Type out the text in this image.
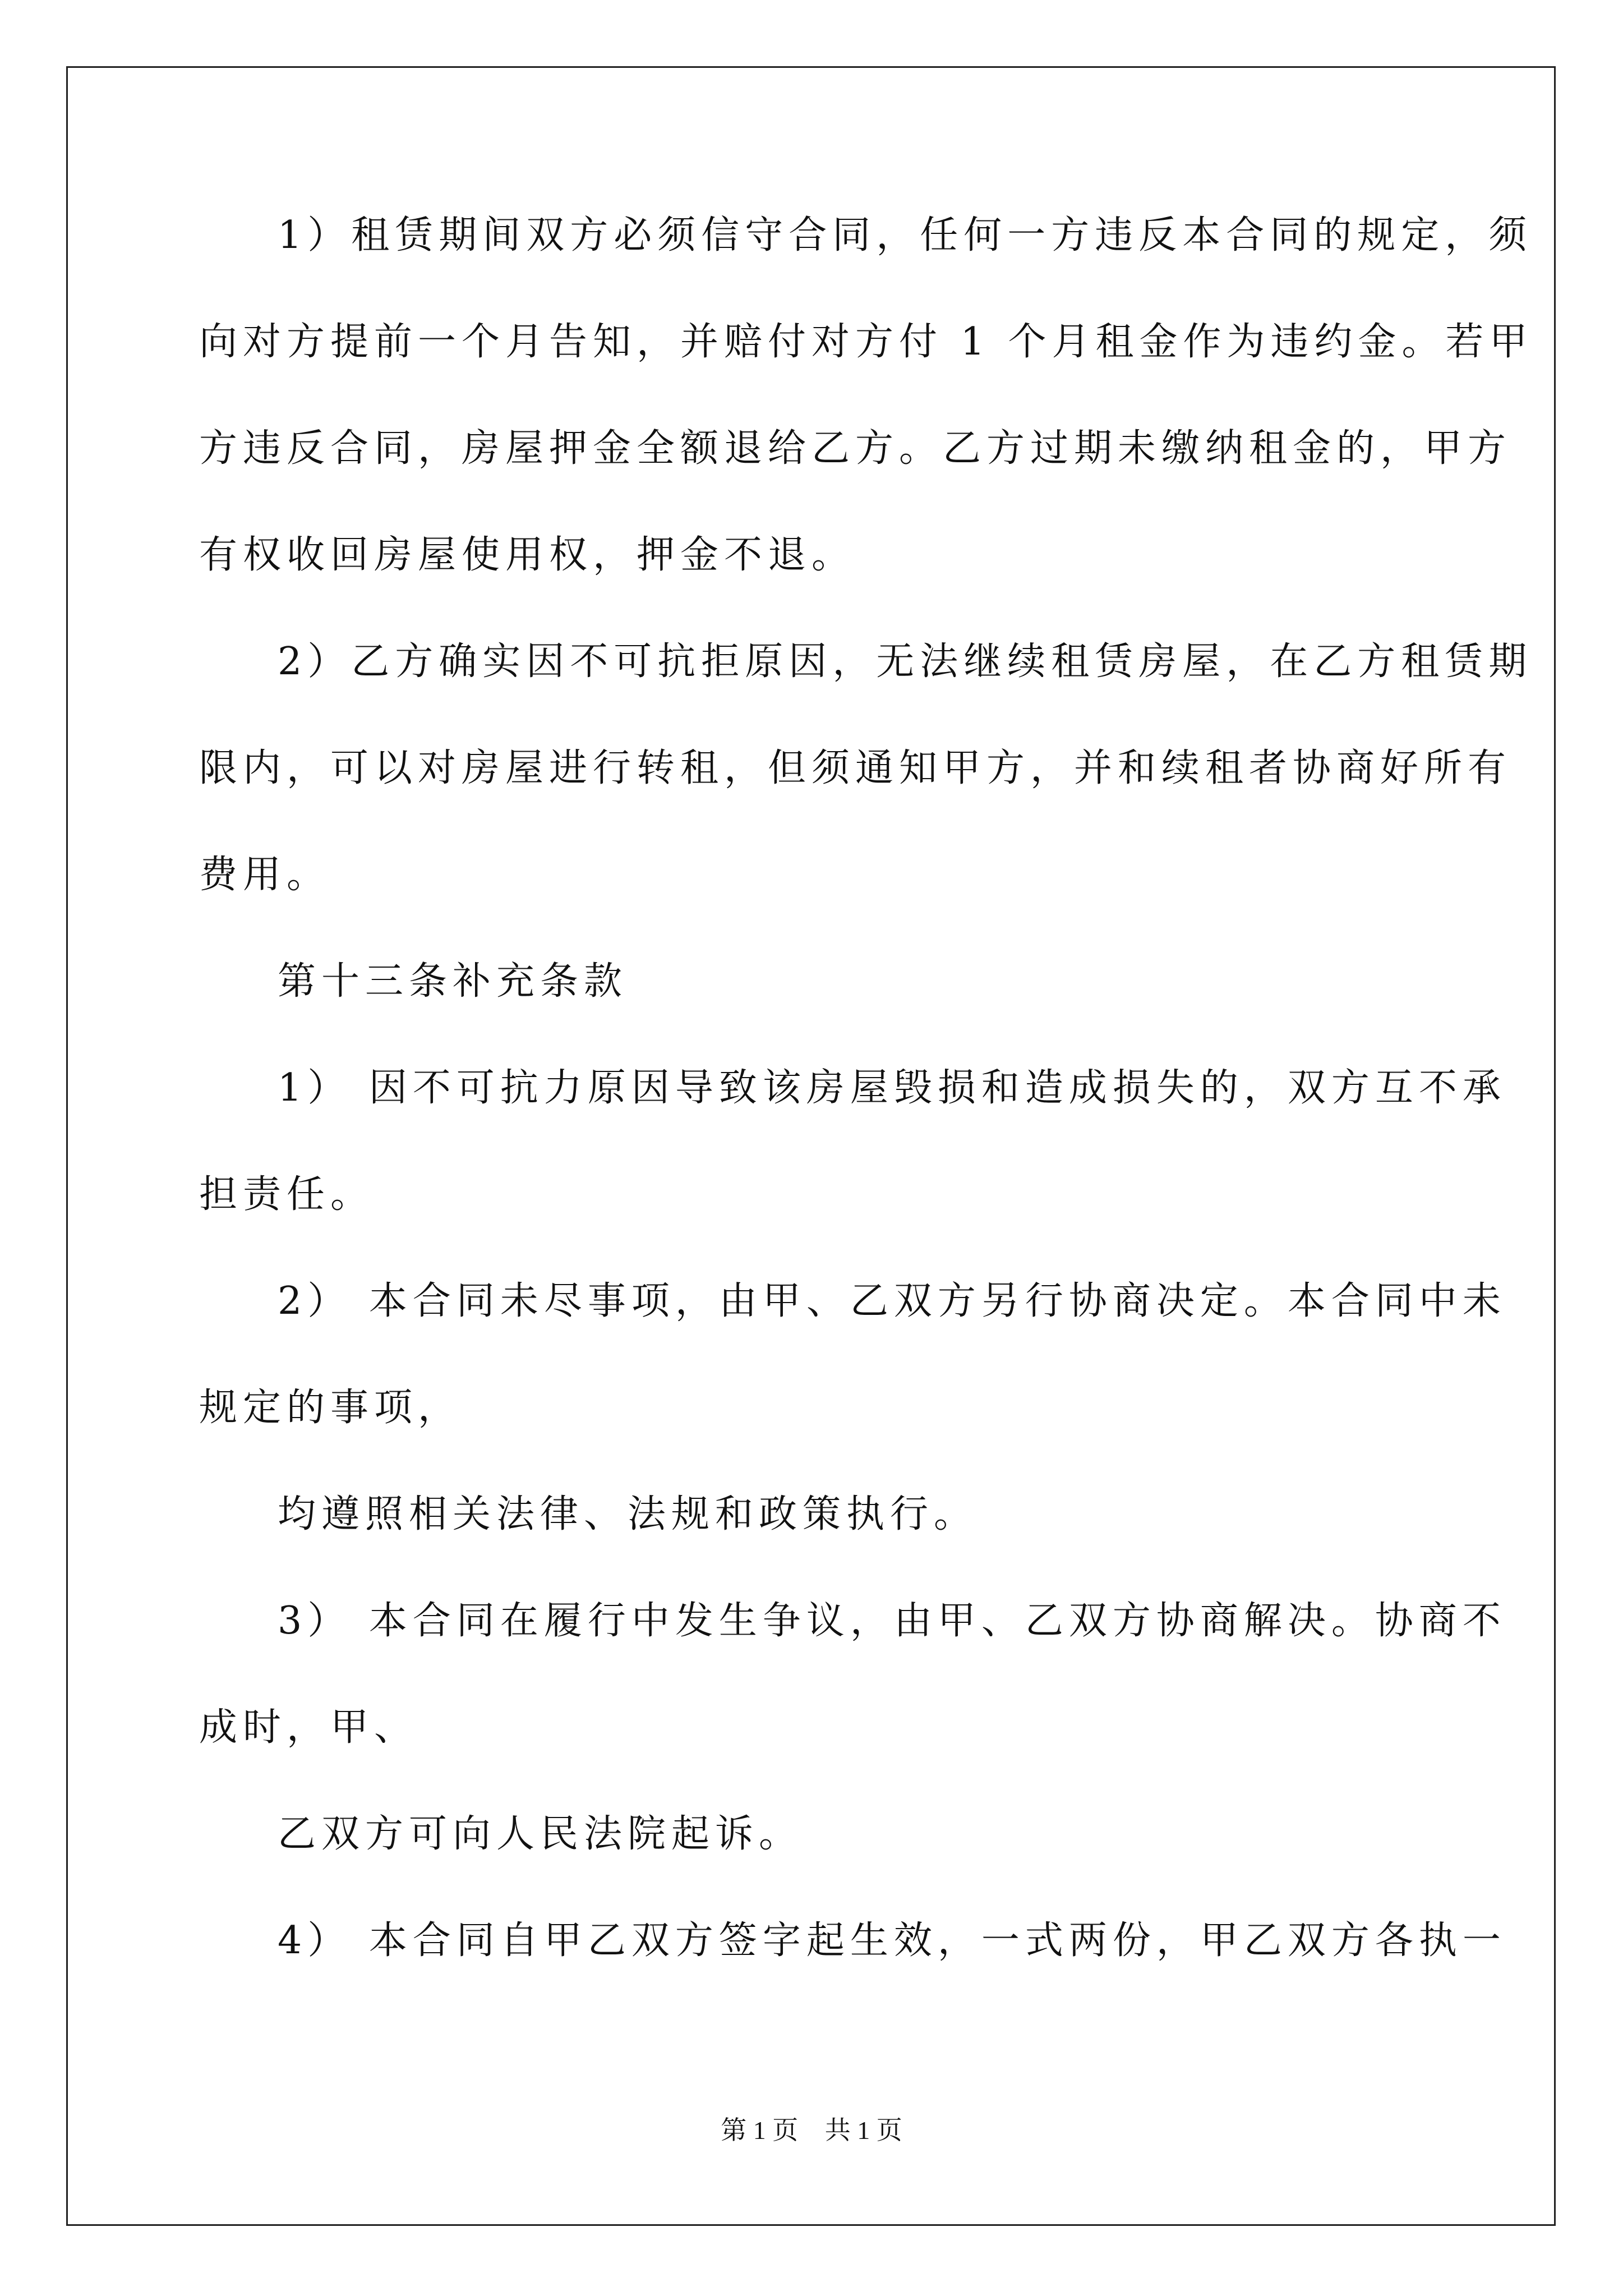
1）租赁期间双方必须信守合同，任何一方违反本合同的规定，须
向对方提前一个月告知，并赔付对方付 1 个月租金作为违约金。若甲
方违反合同，房屋押金全额退给乙方。乙方过期未缴纳租金的，甲方
有权收回房屋使用权，押金不退。
2）乙方确实因不可抗拒原因，无法继续租赁房屋，在乙方租赁期
限内，可以对房屋进行转租，但须通知甲方，并和续租者协商好所有
费用。
第十三条补充条款
1） 因不可抗力原因导致该房屋毁损和造成损失的，双方互不承
担责任。
2） 本合同未尽事项，由甲、乙双方另行协商决定。本合同中未
规定的事项，
均遵照相关法律、法规和政策执行。
3） 本合同在履行中发生争议，由甲、乙双方协商解决。协商不
成时，甲、
乙双方可向人民法院起诉。
4） 本合同自甲乙双方签字起生效，一式两份，甲乙双方各执一
第 1 页 共 1 页
